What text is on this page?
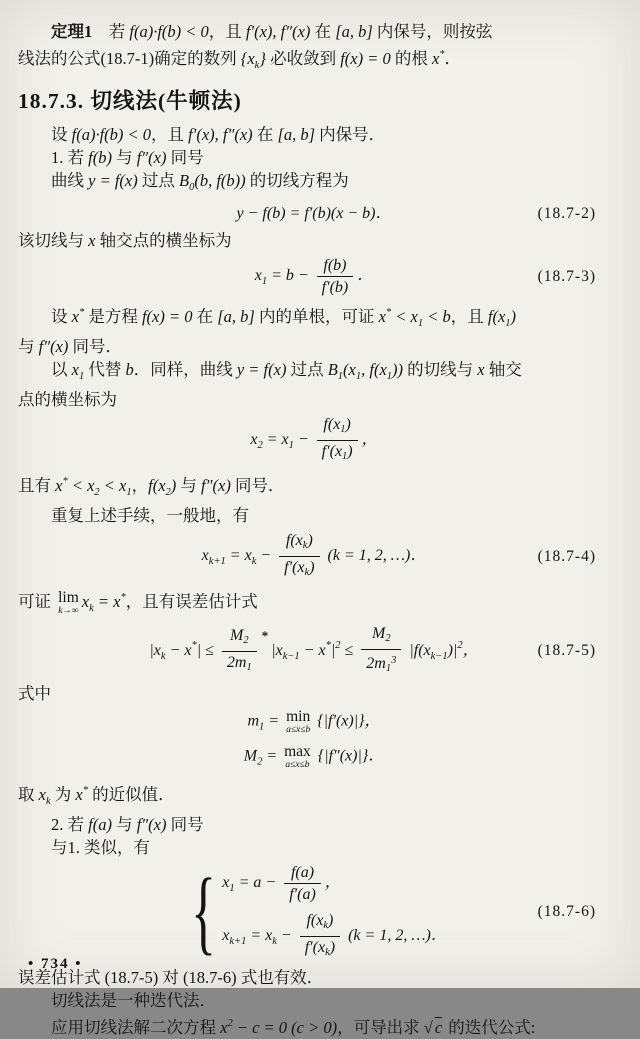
定理1　若 f(a)·f(b) < 0，且 f′(x), f″(x) 在 [a, b] 内保号，则按弦
线法的公式(18.7-1)确定的数列 $\{x_k\}$ 必收敛到 f(x) = 0 的根 x*．
18.7.3. 切线法(牛顿法)
设 f(a)·f(b) < 0，且 f′(x), f″(x) 在 [a, b] 内保号．
1. 若 f(b) 与 f″(x) 同号
曲线 y = f(x) 过点 $B_0(b$, f(b)) 的切线方程为
y − f(b) = f′(b)(x − b)．	(18.7-2)
该切线与 x 轴交点的横坐标为
$x_1 = b - \frac{f(b)}{f'(b)}$ ．	(18.7-3)
设 x* 是方程 f(x) = 0 在 [a, b] 内的单根，可证 $x^* < x_1 < b$，且 $f(x_1)$
与 f″(x) 同号．
以 $x_1$ 代替 b．同样，曲线 y = f(x) 过点 $B_1(x_1$, $f(x_1)$) 的切线与 x 轴交
点的横坐标为
$x_2 = x_1 - \frac{f(x1)}{f'(x1)}$ ，
且有 $x^* < x_2 < x_1$，$f(x_2)$ 与 f″(x) 同号．
重复上述手续，一般地，有
$x_{k+1} = x_k - \frac{f(xk)}{f'(xk)} (k = 1$, 2, …)．	(18.7-4)
可证 lim
k→∞ $x_k = x^*$，且有误差估计式
$|x_k - x^*| \le \frac{M2}{2m1} ^*|x_{k-1} - x^*|^2 \le \frac{M2}{2m1^3} |f(x_{k-1})|^2$，	(18.7-5)
式中
$m_1 = \min$
a≤x≤b {|f′(x)|}，
$M_2 = \max$
a≤x≤b {|f″(x)|}．
取 $x_k$ 为 x* 的近似值．
2. 若 f(a) 与 f″(x) 同号
与1. 类似，有
{ $x_1 = a - \frac{f(a)}{f'(a)}$ ，
$x_{k+1} = x_k - \frac{f(xk)}{f'(xk)} (k = 1$, 2, …)．
(18.7-6)
误差估计式 (18.7-5) 对 (18.7-6) 式也有效．
切线法是一种迭代法．
应用切线法解二次方程 $x^2 - c = 0$ (c > 0)，可导出求 √ c 的迭代公式:
• 734 •
